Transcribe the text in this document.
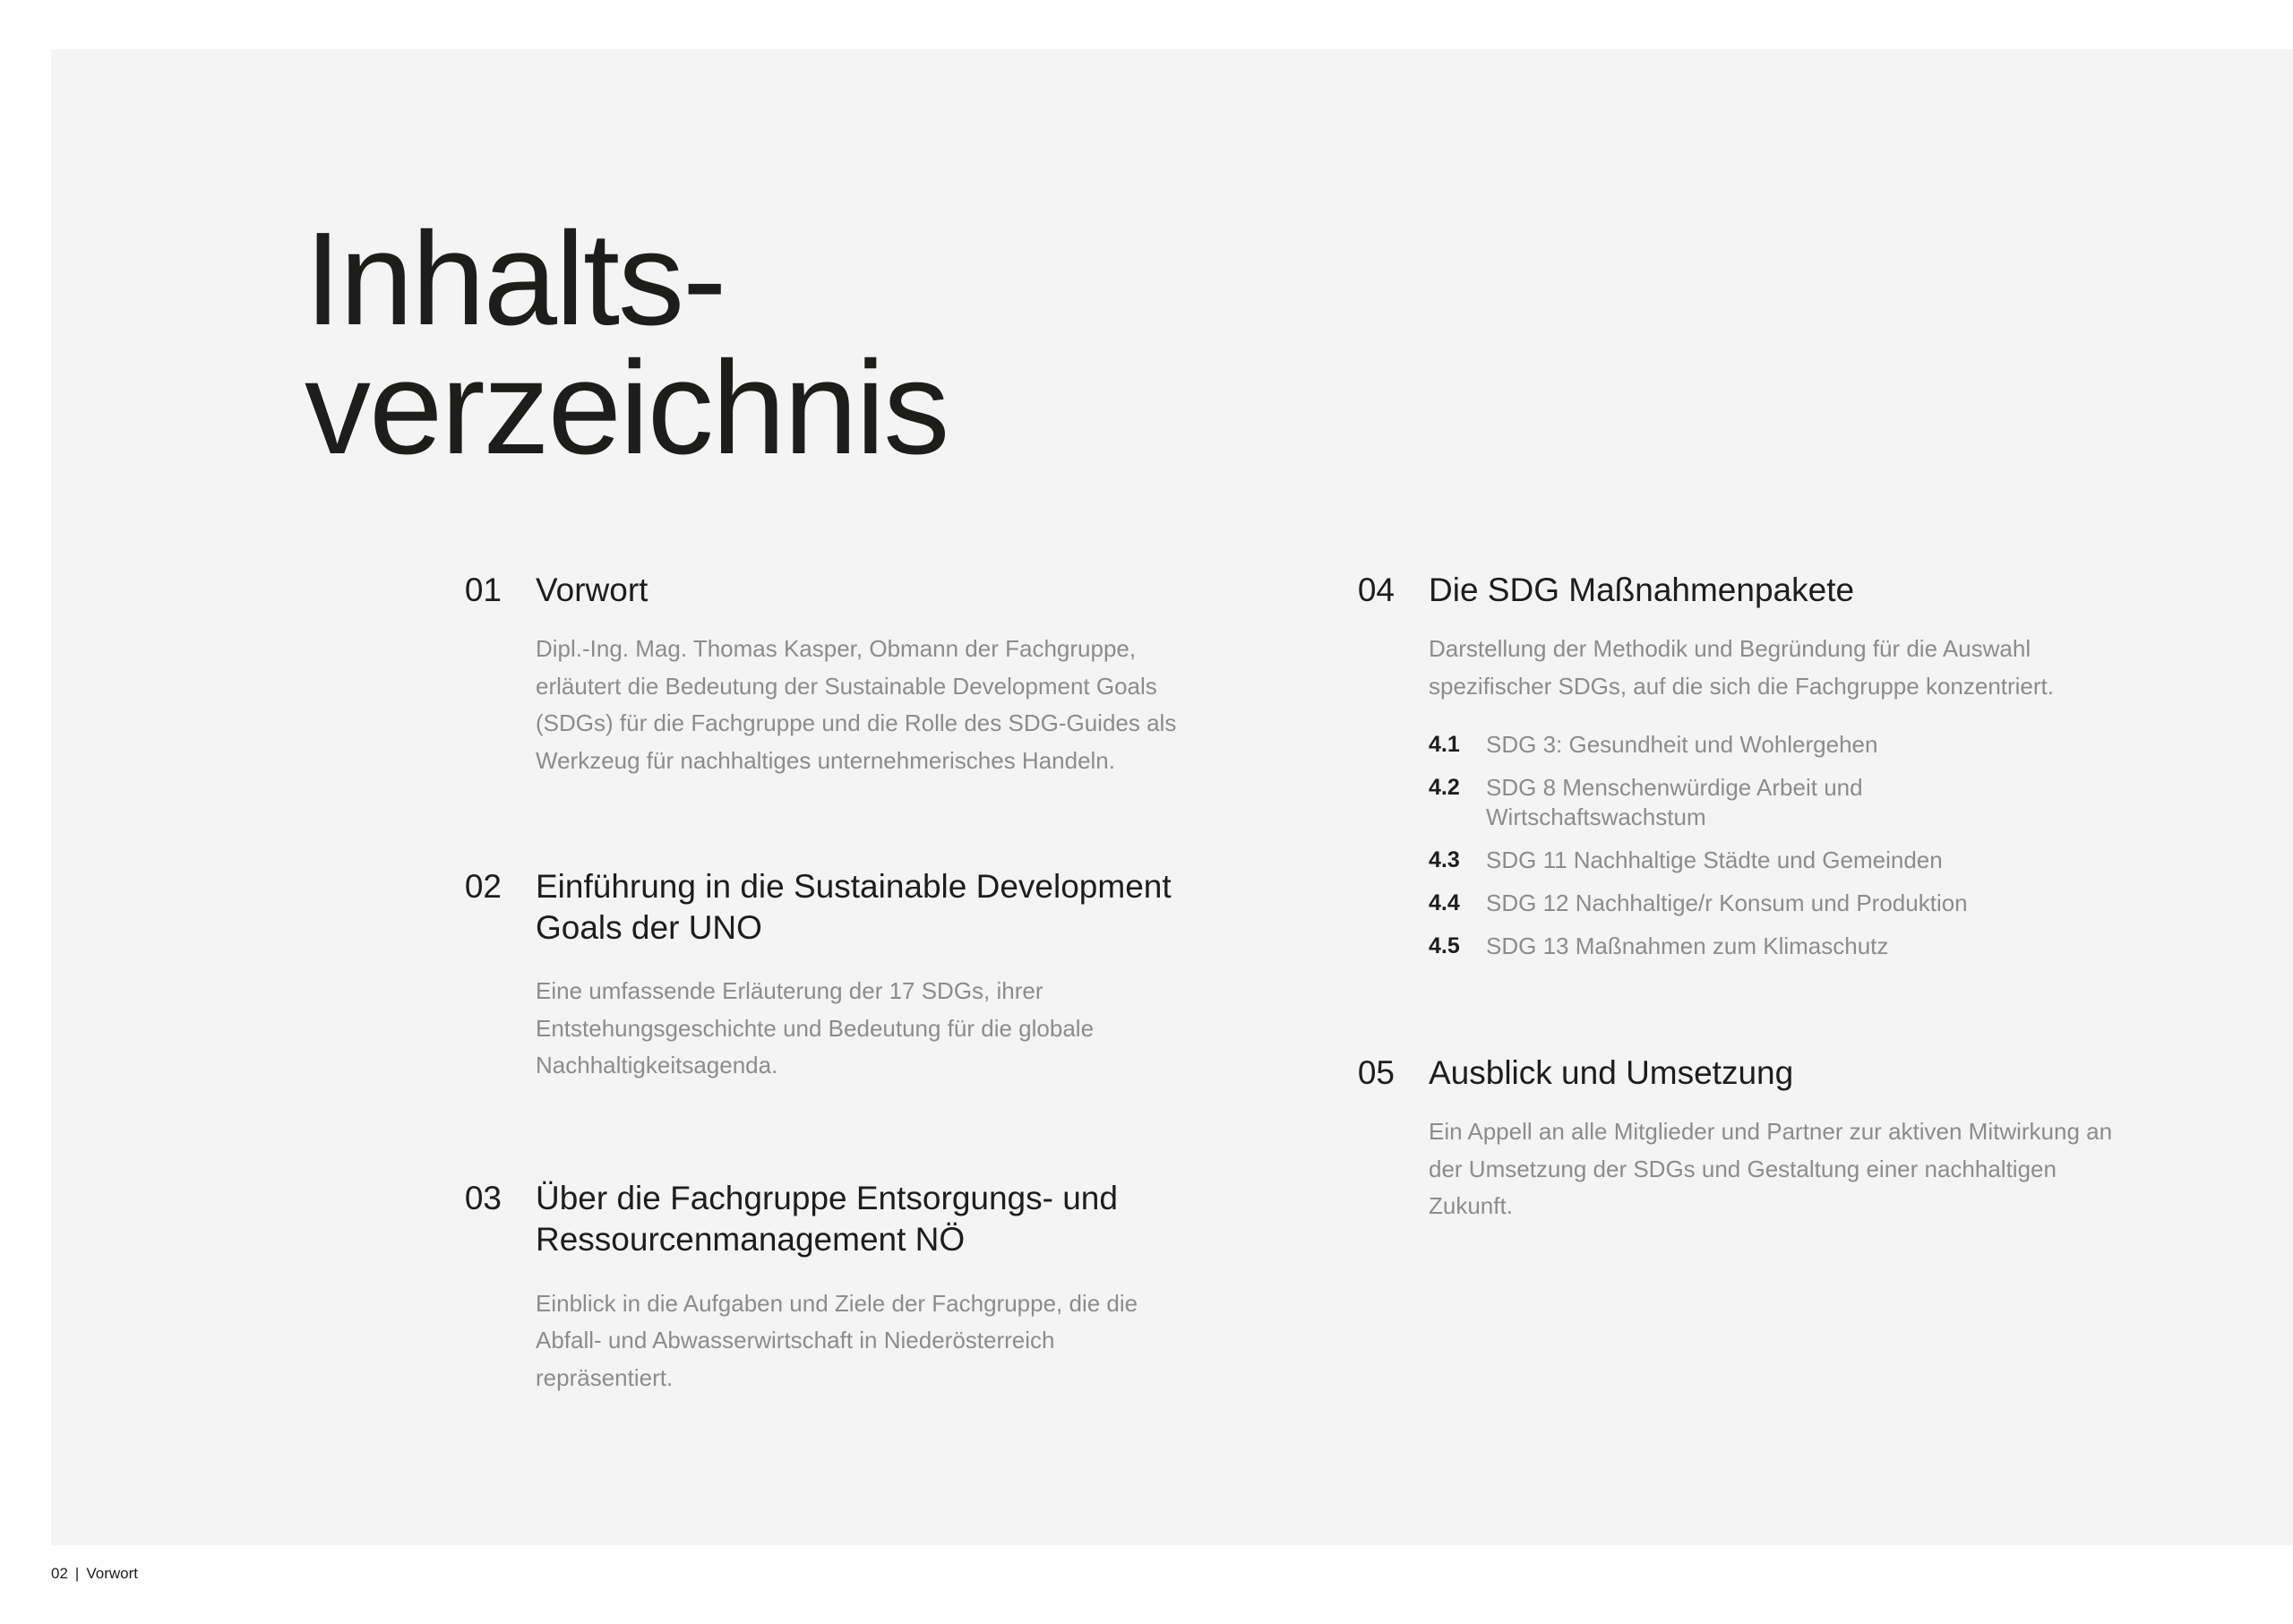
Inhalts-
verzeichnis
01 Vorwort

Dipl.-Ing. Mag. Thomas Kasper, Obmann der Fachgruppe, erläutert die Bedeutung der Sustainable Development Goals (SDGs) für die Fachgruppe und die Rolle des SDG-Guides als Werkzeug für nachhaltiges unternehmerisches Handeln.

02 Einführung in die Sustainable Development Goals der UNO

Eine umfassende Erläuterung der 17 SDGs, ihrer Entstehungsgeschichte und Bedeutung für die globale Nachhaltigkeitsagenda.

03 Über die Fachgruppe Entsorgungs- und Ressourcenmanagement NÖ

Einblick in die Aufgaben und Ziele der Fachgruppe, die die Abfall- und Abwasserwirtschaft in Niederösterreich repräsentiert.

04 Die SDG Maßnahmenpakete

Darstellung der Methodik und Begründung für die Auswahl spezifischer SDGs, auf die sich die Fachgruppe konzentriert.

4.1 SDG 3: Gesundheit und Wohlergehen
4.2 SDG 8 Menschenwürdige Arbeit und Wirtschaftswachstum
4.3 SDG 11 Nachhaltige Städte und Gemeinden
4.4 SDG 12 Nachhaltige/r Konsum und Produktion
4.5 SDG 13 Maßnahmen zum Klimaschutz
05 Ausblick und Umsetzung

Ein Appell an alle Mitglieder und Partner zur aktiven Mitwirkung an der Umsetzung der SDGs und Gestaltung einer nachhaltigen Zukunft.

02 | Vorwort
